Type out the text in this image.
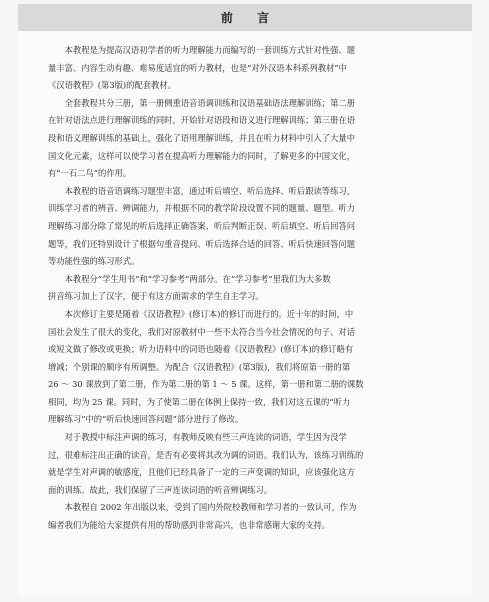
前 言
本教程是为提高汉语初学者的听力理解能力而编写的一套训练方式针对性强、题
量丰富、内容生动有趣、难易度适宜的听力教材，也是“对外汉语本科系列教材”中
《汉语教程》(第3版)的配套教材。
全套教程共分三册，第一册侧重语音语调训练和汉语基础语法理解训练；第二册
在针对语法点进行理解训练的同时，开始针对语段和语义进行理解训练；第三册在语
段和语义理解训练的基础上，强化了语用理解训练，并且在听力材料中引入了大量中
国文化元素，这样可以使学习者在提高听力理解能力的同时，了解更多的中国文化，
有“一石二鸟”的作用。
本教程的语音语调练习题型丰富，通过听后填空、听后选择、听后跟读等练习，
训练学习者的辨音、辨调能力，并根据不同的教学阶段设置不同的题量、题型。听力
理解练习部分除了常见的听后选择正确答案、听后判断正误、听后填空、听后回答问
题等，我们还特别设计了根据句重音提问、听后选择合适的回答、听后快速回答问题
等功能性强的练习形式。
本教程分“学生用书”和“学习参考”两部分。在“学习参考”里我们为大多数
拼音练习加上了汉字，便于有这方面需求的学生自主学习。
本次修订主要是随着《汉语教程》(修订本)的修订而进行的。近十年的时间，中
国社会发生了很大的变化，我们对原教材中一些不太符合当今社会情况的句子、对话
或短文做了修改或更换；听力语料中的词语也随着《汉语教程》(修订本)的修订略有
增减；个别课的顺序有所调整。为配合《汉语教程》(第3版)，我们将原第一册的第
26 ～ 30 课放到了第二册，作为第二册的第 1 ～ 5 课。这样，第一册和第二册的课数
相同，均为 25 课。同时，为了使第二册在体例上保持一致，我们对这五课的“听力
理解练习”中的“听后快速回答问题”部分进行了修改。
对于教授中标注声调的练习，有教师反映有些三声连读的词语，学生因为没学
过，很难标注出正确的读音，是否有必要将其改为调的词语。我们认为，该练习训练的
就是学生对声调的敏感度，且他们已经具备了一定的三声变调的知识，应该强化这方
面的训练。故此，我们保留了三声连读词语的听音辨调练习。
本教程自 2002 年出版以来，受到了国内外院校教师和学习者的一致认可，作为
编者我们为能给大家提供有用的帮助感到非常高兴，也非常感谢大家的支持。
